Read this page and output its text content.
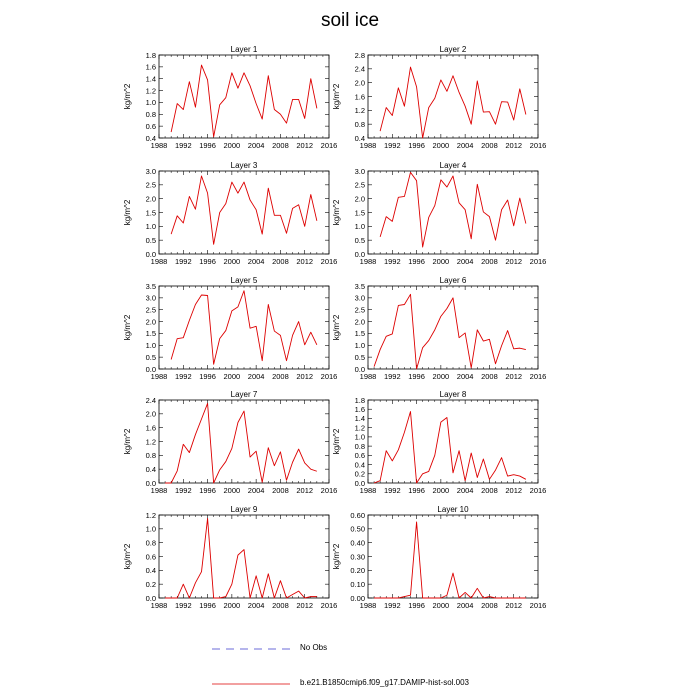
soil ice
Layer 1
kg/m^2
0.4
0.6
0.8
1.0
1.2
1.4
1.6
1.8
1988 1992 1996 2000 2004 2008 2012 2016
Layer 2
kg/m^2
0.4
0.8
1.2
1.6
2.0
2.4
2.8
1988 1992 1996 2000 2004 2008 2012 2016
Layer 3
kg/m^2
0.0
0.5
1.0
1.5
2.0
2.5
3.0
1988 1992 1996 2000 2004 2008 2012 2016
Layer 4
kg/m^2
0.0
0.5
1.0
1.5
2.0
2.5
3.0
1988 1992 1996 2000 2004 2008 2012 2016
Layer 5
kg/m^2
0.0
0.5
1.0
1.5
2.0
2.5
3.0
3.5
1988 1992 1996 2000 2004 2008 2012 2016
Layer 6
kg/m^2
0.0
0.5
1.0
1.5
2.0
2.5
3.0
3.5
1988 1992 1996 2000 2004 2008 2012 2016
Layer 7
kg/m^2
0.0
0.4
0.8
1.2
1.6
2.0
2.4
1988 1992 1996 2000 2004 2008 2012 2016
Layer 8
kg/m^2
0.0
0.2
0.4
0.6
0.8
1.0
1.2
1.4
1.6
1.8
1988 1992 1996 2000 2004 2008 2012 2016
Layer 9
kg/m^2
0.0
0.2
0.4
0.6
0.8
1.0
1.2
1988 1992 1996 2000 2004 2008 2012 2016
Layer 10
kg/m^2
0.00
0.10
0.20
0.30
0.40
0.50
0.60
1988 1992 1996 2000 2004 2008 2012 2016
No Obs
b.e21.B1850cmip6.f09_g17.DAMIP-hist-sol.003
